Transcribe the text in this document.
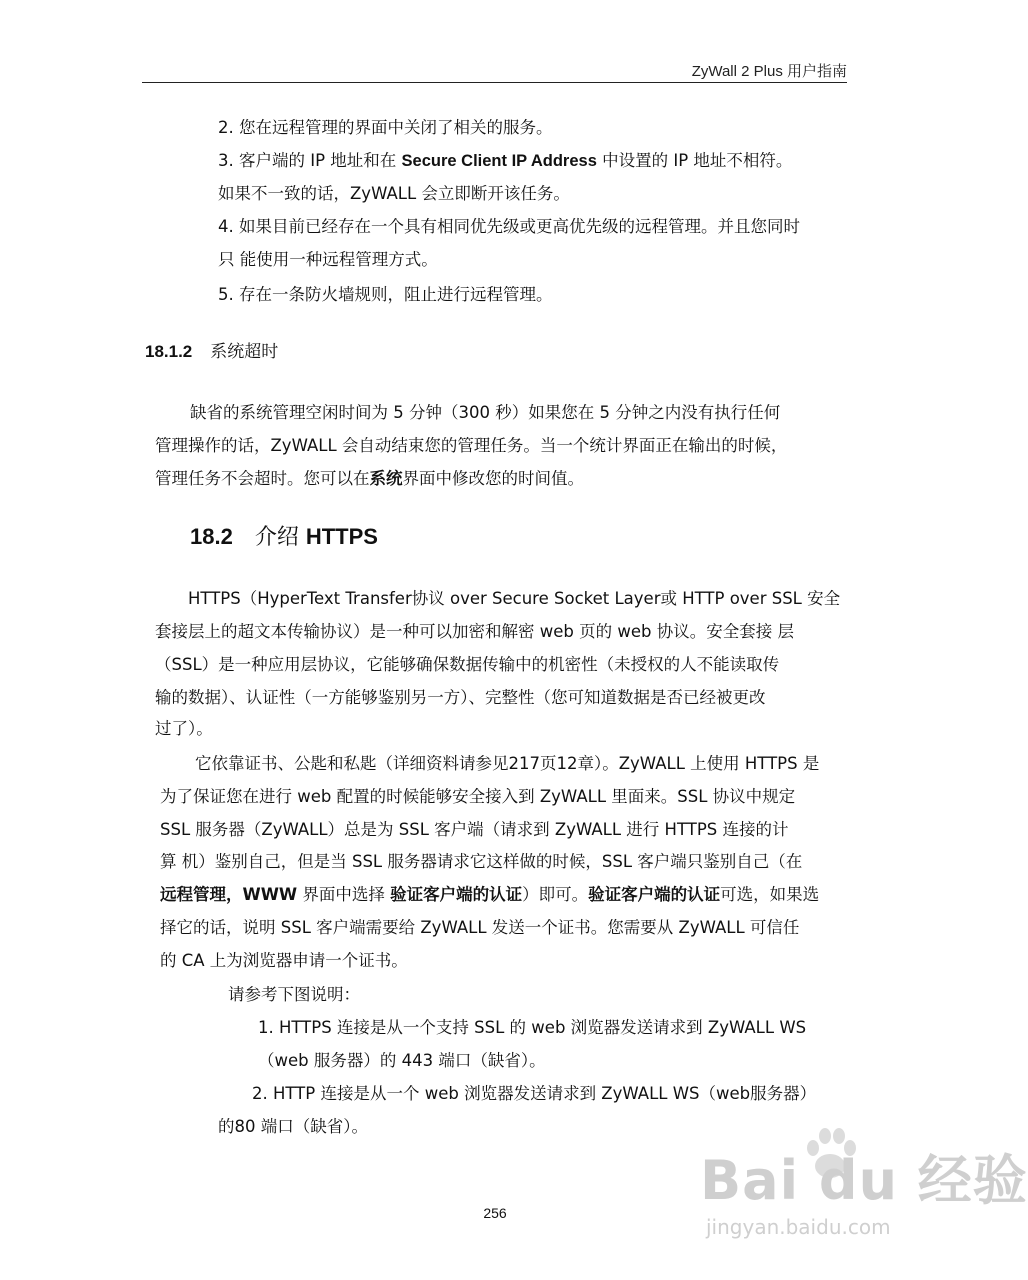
ZyWall 2 Plus 用户指南
2. 您在远程管理的界面中关闭了相关的服务。
3. 客户端的 IP 地址和在 Secure Client IP Address 中设置的 IP 地址不相符。
如果不一致的话，ZyWALL 会立即断开该任务。
4. 如果目前已经存在一个具有相同优先级或更高优先级的远程管理。并且您同时
只 能使用一种远程管理方式。
5. 存在一条防火墙规则，阻止进行远程管理。
18.1.2 系统超时
缺省的系统管理空闲时间为 5 分钟（300 秒）如果您在 5 分钟之内没有执行任何
管理操作的话，ZyWALL 会自动结束您的管理任务。当一个统计界面正在输出的时候，
管理任务不会超时。您可以在系统界面中修改您的时间值。
18.2 介绍 HTTPS
HTTPS（HyperText Transfer协议 over Secure Socket Layer或 HTTP over SSL 安全
套接层上的超文本传输协议）是一种可以加密和解密 web 页的 web 协议。安全套接 层
（SSL）是一种应用层协议，它能够确保数据传输中的机密性（未授权的人不能读取传
输的数据）、认证性（一方能够鉴别另一方）、完整性（您可知道数据是否已经被更改
过了）。
它依靠证书、公匙和私匙（详细资料请参见217页12章）。ZyWALL 上使用 HTTPS 是
为了保证您在进行 web 配置的时候能够安全接入到 ZyWALL 里面来。SSL 协议中规定
SSL 服务器（ZyWALL）总是为 SSL 客户端（请求到 ZyWALL 进行 HTTPS 连接的计
算 机）鉴别自己，但是当 SSL 服务器请求它这样做的时候，SSL 客户端只鉴别自己（在
远程管理，WWW 界面中选择 验证客户端的认证）即可。验证客户端的认证可选，如果选
择它的话，说明 SSL 客户端需要给 ZyWALL 发送一个证书。您需要从 ZyWALL 可信任
的 CA 上为浏览器申请一个证书。
请参考下图说明：
1. HTTPS 连接是从一个支持 SSL 的 web 浏览器发送请求到 ZyWALL WS
（web 服务器）的 443 端口（缺省）。
2. HTTP 连接是从一个 web 浏览器发送请求到 ZyWALL WS（web服务器）
的80 端口（缺省）。
256
Bai du 经验
jingyan.baidu.com
